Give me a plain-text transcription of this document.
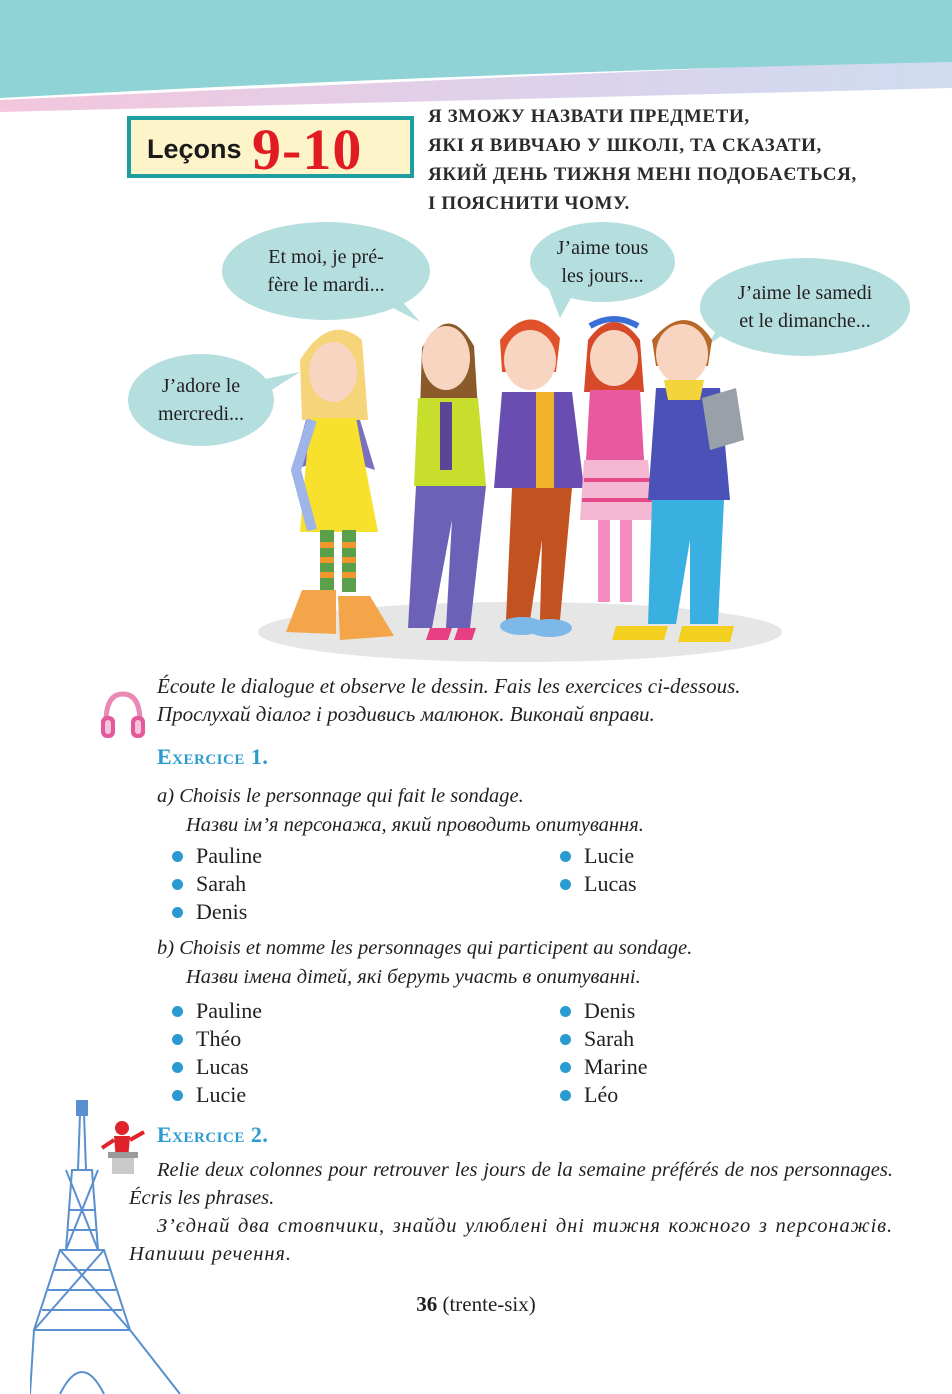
Leçons 9-10
Я ЗМОЖУ НАЗВАТИ ПРЕДМЕТИ,
ЯКІ Я ВИВЧАЮ У ШКОЛІ, ТА СКАЗАТИ,
ЯКИЙ ДЕНЬ ТИЖНЯ МЕНІ ПОДОБАЄТЬСЯ,
І ПОЯСНИТИ ЧОМУ.
Et moi, je pré-
fère le mardi...
J’aime tous
les jours...
J’aime le samedi
et le dimanche...
J’adore le
mercredi...
Écoute le dialogue et observe le dessin. Fais les exercices ci-dessous.
Прослухай діалог і роздивись малюнок. Виконай вправи.
Exercice 1.
a) Choisis le personnage qui fait le sondage.
Назви ім’я персонажа, який проводить опитування.
Pauline
Sarah
Denis
Lucie
Lucas
b) Choisis et nomme les personnages qui participent au sondage.
Назви імена дітей, які беруть участь в опитуванні.
Pauline
Théo
Lucas
Lucie
Denis
Sarah
Marine
Léo
Exercice 2.

Relie deux colonnes pour retrouver les jours de la semaine préférés de nos personnages. Écris les phrases.

З’єднай два стовпчики, знайди улюблені дні тижня кожного з персонажів. Напиши речення.

36 (trente-six)
